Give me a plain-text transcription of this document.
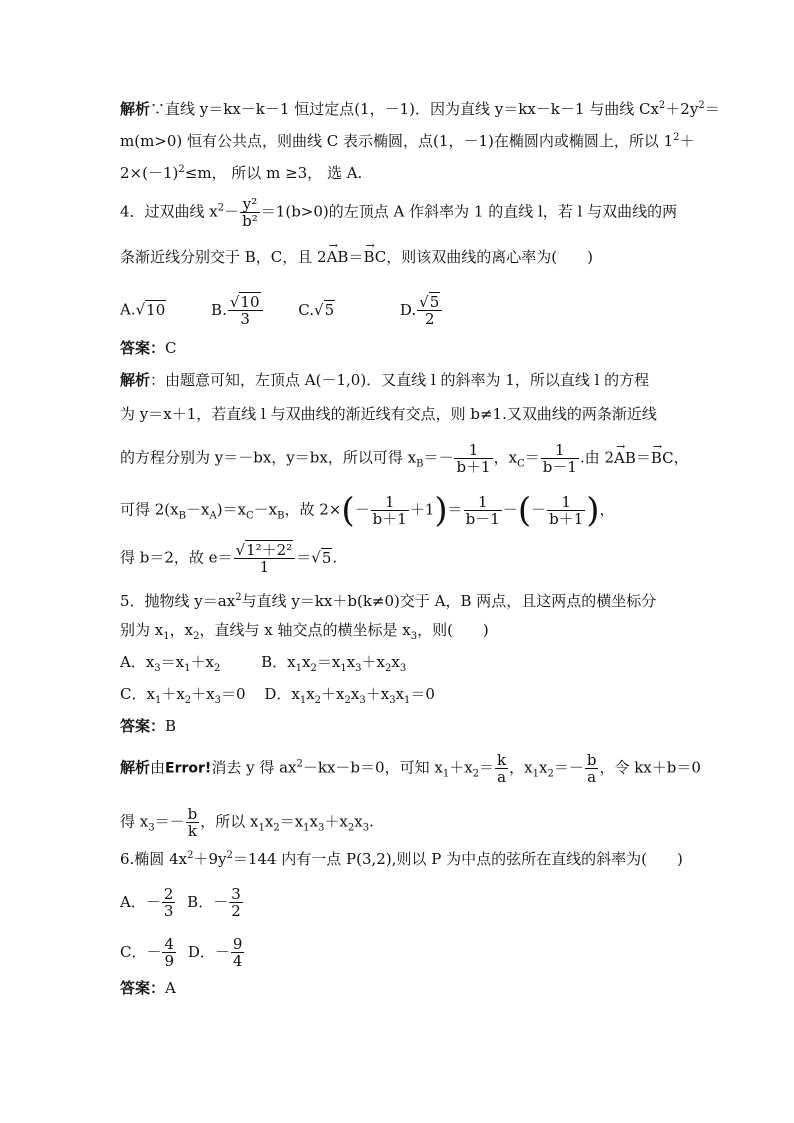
解析∵直线 y＝kx－k－1 恒过定点(1，－1)．因为直线 y＝kx－k－1 与曲线 $Cx^2+2y^2=$
m(m>0) 恒有公共点，则曲线 C 表示椭圆，点(1，－1)在椭圆内或椭圆上，所以 $1^2+$
$2\times(-1)^2\le m$， 所以 m ≥3， 选 A.
4．过双曲线 $x^2- \frac{\text{y²}}{\text{b²}} =1(b>0)$的左顶点 A 作斜率为 1 的直线 l，若 l 与双曲线的两
条渐近线分别交于 B，C，且 2→ AB＝→ BC，则该双曲线的离心率为(　　)
A.√10	B. $\frac{√10}{3} C.√5$	D. $\frac{√5}{2}$
答案：C
解析：由题意可知，左顶点 A(－1,0)．又直线 l 的斜率为 1，所以直线 l 的方程
为 y＝x＋1，若直线 l 与双曲线的渐近线有交点，则 b≠1.又双曲线的两条渐近线
的方程分别为 y＝－bx，y＝bx，所以可得 $x_B=- \frac{1}{b+1}$ ，$x_C= \frac{1}{b-1}$ .由 2→ AB＝→ BC，
可得 $2(x_B-x_A)=x_C-x_B$，故 $2\times(- \frac{1}{b+1} +1)= \frac{1}{b-1}$ －(－ $\frac{1}{b+1}$ )，
得 b＝2，故 $e= \frac{\text{√1²＋2²}}{1} =√5$.
5．抛物线 $y=ax^2$与直线 y＝kx＋b(k≠0)交于 A，B 两点，且这两点的横坐标分
别为 $x_1$，$x_2$，直线与 x 轴交点的横坐标是 $x_3$，则(　　)
A．$x_3=x_1+x_2$	B．$x_1x_2=x_1x_3+x_2x_3$
C．$x_1+x_2+x_3=0$ D．$x_1x_2+x_2x_3+x_3x_1=0$
答案：B
解析由Error!消去 y 得 $ax^2-kx-b=0$，可知 $x_1+x_2= \frac{k}{a}$ ，$x_1x_2=- \frac{b}{a}$ ，令 kx＋b＝0
得 $x_3=- \frac{b}{k}$ ，所以 $x_1x_2=x_1x_3+x_2x_3$.
6.椭圆 $4x^2+9y^2=144$ 内有一点 P(3,2),则以 P 为中点的弦所在直线的斜率为(　　)
A．－ $\frac{2}{3}$ B．－ $\frac{3}{2}$
C．－ $\frac{4}{9}$ D．－ $\frac{9}{4}$
答案：A
